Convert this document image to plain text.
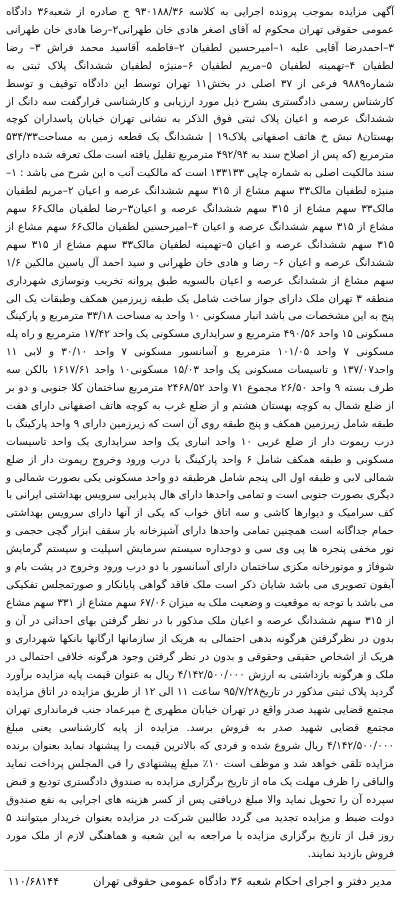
آگهی مزایده بموجب پرونده اجرایی به کلاسه ۹۳۰۱۸۸/۳۶ ج صادره از شعبه۳۶ دادگاه عمومی حقوقی تهران محکوم له آقای اصغر هادی خان طهرانی۲–رضا هادی خان طهرانی ۳–احمدرضا آقایی علیه ۱–امیرحسین لطفیان ۲–فاطمه آقاسید محمد فراش ۳– رضا لطفیان ۴–تهمینه لطفیان ۵–مریم لطفیان ۶–منیژه لطفیان ششدانگ پلاک ثبتی به شماره۹۸۸۹ فرعی از ۳۷ اصلی در بخش۱۱ تهران توسط این دادگاه توقیف و توسط کارشناس رسمی دادگستری بشرح ذیل مورد ارزیابی و کارشناسی قرارگفت سه دانگ از ششدانگ عرصه و اعیان پلاک ثبتی فوق الذکر به نشانی تهران خیابان پاسداران کوچه بهستان۸ نبش خ هاتف اصفهانی پلاک۱۹ | ششدانگ یک قطعه زمین به مساحت۵۳۴/۳۳ مترمربع (که پس از اصلاح سند به ۴۹۲/۹۴ مترمربع تقلیل یافته است ملک تعرفه شده دارای سند مالکیت اصلی به شماره چاپی ۱۳۳۱۳۳ است که مالکیت آنب ه این شرح می باشد : ۱– منیژه لطفیان مالک۳۳ سهم مشاع از ۳۱۵ سهم ششدانگ عرصه و اعیان ۲–مریم لطفیان مالک۳۳ سهم مشاع از ۳۱۵ سهم ششدانگ عرصه و اعیان۳–رضا لطفیان مالک۶۶ سهم مشاع از ۳۱۵ سهم ششدانگ عرصه و اعیان ۴–امیرحسین لطفیان مالک۶۶ سهم مشاع از ۳۱۵ سهم ششدانگ عرصه و اعیان ۵–تهمینه لطفیان مالک۳۳ سهم مشاع از ۳۱۵ سهم ششدانگ عرصه و اعیان ۶– رضا و هادی خان طهرانی و سید احمد آل یاسین مالکین ۱/۶ سهم مشاع از ششدانگ عرصه و اعیان بالسویه طبق پروانه تخریب ونوسازی شهرداری منطقه ۳ تهران ملک دارای جواز ساخت شامل یک طبقه زیرزمین همکف وطبقات یک الی پنج به این مشخصات می باشد انبار مسکونی ۱۰ واحد به مساحت ۳۳/۱۸ مترمربع و پارکینگ مسکونی ۱۵ واحد ۴۹۰/۵۶ مترمربع و سرایداری مسکونی یک واحد ۱۷/۴۲ مترمربع و راه پله مسکونی ۷ واحد ۱۰۱/۰۵ مترمربع و آسانسور مسکونی ۷ واحد ۳۰/۱۰ و لابی ۱۱ واحد۱۳۷/۰۷ و تاسیسات مسکونی یک واحد ۱۵/۰۳ مسکونی۱۰ واحد ۱۶۱۷/۶۱ بالکن سه طرف بسته ۹ واحد ۲۶/۵۰ مجموع ۷۱ واحد ۲۴۶۸/۵۲ مترمربع ساختمان کلا جنوبی و دو بر از ضلع شمال به کوچه بهستان هشتم و از ضلع غرب به کوچه هاتف اصفهانی دارای هفت طبقه شامل زیرزمین همکف و پنج طبقه روی آن است که زیرزمین دارای ۹ واحد پارکینگ با درب ریموت دار از ضلع غربی ۱۰ واحد انباری یک واحد سرایداری یک واحد تاسیسات مسکونی و طبقه همکف شامل ۶ واحد پارکینگ با درب ورود وخروج ریموت دار از ضلع شمالی لابی و طبقه اول الی پنجم شامل هرطبقه دو واحد مسکونی یکی بصورت شمالی و دیگری بصورت جنوبی است و تمامی واحدها دارای هال پذیرایی سرویس بهداشتی ایرانی با کف سرامیک و دیوارها کاشی و سه اتاق خواب که یکی از آنها دارای سرویس بهداشتی حمام جداگانه است همچنین تمامی واحدها دارای آشپزخانه باز سقف ابزار گچی حجمی و نور مخفی پنجره ها پی وی سی و دوجداره سیستم سرمایش اسپلیت و سیستم گرمایش شوفاژ و موتورخانه مکزی ساختمان دارای آسانسور با دو درب ورود وخروج در پشت بام و آیفون تصویری می باشد شایان ذکر است ملک فاقد گواهی پایانکار و صورتمجلس تفکیکی می باشد با توجه به موقعیت و وضعیت ملک به میزان ۶۷/۰۶ سهم مشاع از ۳۳۱ سهم مشاع از ۳۱۵ سهم ششدانگ عرصه و اعیان ملک مذکور با در نظر گرفتن بهای احداثی در آن و بدون در نظرگرفتن هرگونه بدهی احتمالی به هریک از سازمانها ارگانها بانکها شهرداری و هریک از اشخاص حقیقی وحقوقی و بدون در نظر گرفتن وجود هرگونه خلافی احتمالی در ملک و هرگونه بازداشتی به ارزش ۴/۱۴۲/۵۰۰/۰۰۰ ریال به عنوان قیمت پایه مزایده برآورد گردید پلاک ثبتی مذکور در تاریخ۹۵/۷/۲۸ ساعت ۱۱ الی ۱۲ از طریق مزایده در اتاق مزایده مجتمع قضایی شهید صدر واقع در تهران خیابان مطهری خ میرعماد جنب فرمانداری تهران مجتمع قضایی شهید صدر به فروش برسد. مزایده از پایه کارشناسی یعنی مبلغ ۴/۱۴۲/۵۰۰/۰۰۰ ریال شروع شده و فردی که بالاترین قیمت را پیشنهاد نماید بعنوان برنده مزایده تلقی خواهد شد و موظف است ۱۰٪ مبلغ پیشنهادی را فی المجلس پرداخت نماید والباقی را ظرف مهلت یک ماه از تاریخ برگزاری مزایده به صندوق دادگستری تودیع و قبض سپرده آن را تحویل نماید والا مبلغ دریافتی پس از کسر هزینه های اجرایی به نفع صندوق دولت ضبط و مزایده تجدید می گردد طالبین شرکت در مزایده بعنوان خریدار میتوانند ۵ روز قبل از تاریخ برگزاری مزایده با مراجعه به این شعبه و هماهنگی لازم از ملک مورد فروش بازدید نمایند.

مدیر دفتر و اجرای احکام شعبه ۳۶ دادگاه عمومی حقوقی تهران
۱۱۰/۶۸۱۴۴
